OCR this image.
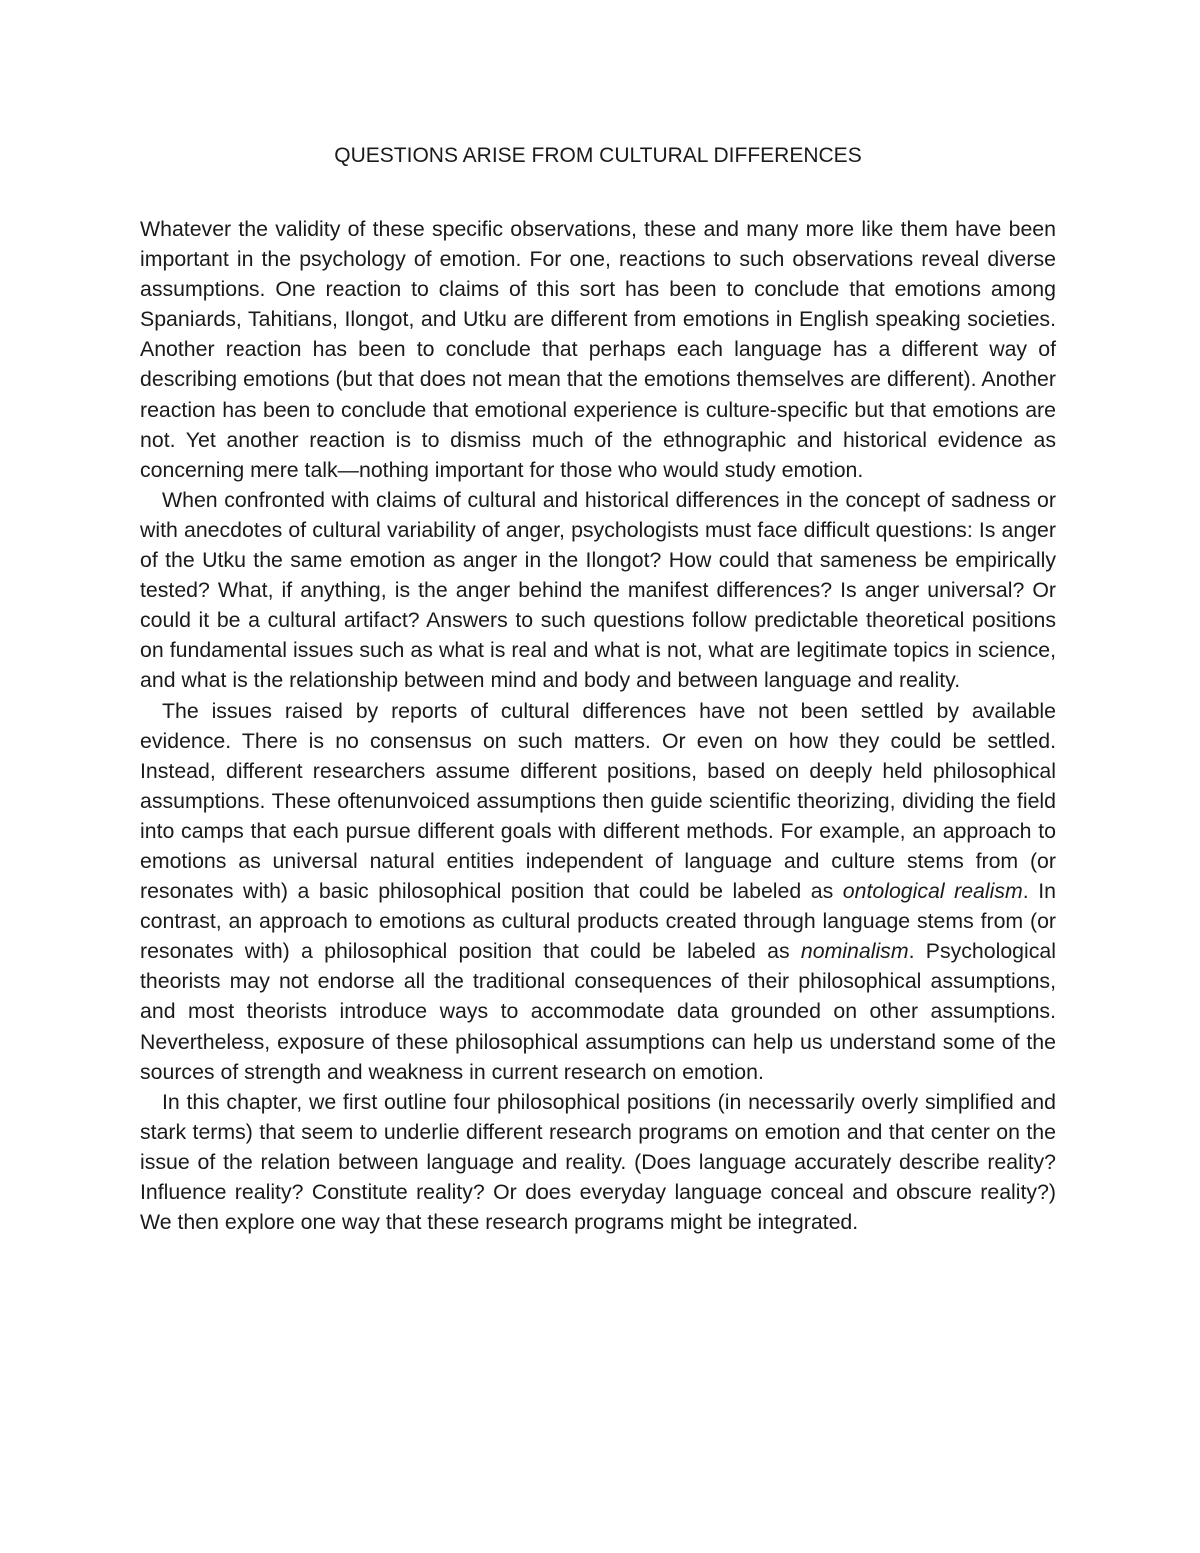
QUESTIONS ARISE FROM CULTURAL DIFFERENCES

Whatever the validity of these specific observations, these and many more like them have been important in the psychology of emotion. For one, reactions to such observations reveal diverse assumptions. One reaction to claims of this sort has been to conclude that emotions among Spaniards, Tahitians, Ilongot, and Utku are different from emotions in English speaking societies. Another reaction has been to conclude that perhaps each language has a different way of describing emotions (but that does not mean that the emotions themselves are different). Another reaction has been to conclude that emotional experience is culture-specific but that emotions are not. Yet another reaction is to dismiss much of the ethnographic and historical evidence as concerning mere talk—nothing important for those who would study emotion.

When confronted with claims of cultural and historical differences in the concept of sadness or with anecdotes of cultural variability of anger, psychologists must face difficult questions: Is anger of the Utku the same emotion as anger in the Ilongot? How could that sameness be empirically tested? What, if anything, is the anger behind the manifest differences? Is anger universal? Or could it be a cultural artifact? Answers to such questions follow predictable theoretical positions on fundamental issues such as what is real and what is not, what are legitimate topics in science, and what is the relationship between mind and body and between language and reality.

The issues raised by reports of cultural differences have not been settled by available evidence. There is no consensus on such matters. Or even on how they could be settled. Instead, different researchers assume different positions, based on deeply held philosophical assumptions. These oftenunvoiced assumptions then guide scientific theorizing, dividing the field into camps that each pursue different goals with different methods. For example, an approach to emotions as universal natural entities independent of language and culture stems from (or resonates with) a basic philosophical position that could be labeled as ontological realism. In contrast, an approach to emotions as cultural products created through language stems from (or resonates with) a philosophical position that could be labeled as nominalism. Psychological theorists may not endorse all the traditional consequences of their philosophical assumptions, and most theorists introduce ways to accommodate data grounded on other assumptions. Nevertheless, exposure of these philosophical assumptions can help us understand some of the sources of strength and weakness in current research on emotion.

In this chapter, we first outline four philosophical positions (in necessarily overly simplified and stark terms) that seem to underlie different research programs on emotion and that center on the issue of the relation between language and reality. (Does language accurately describe reality? Influence reality? Constitute reality? Or does everyday language conceal and obscure reality?) We then explore one way that these research programs might be integrated.
